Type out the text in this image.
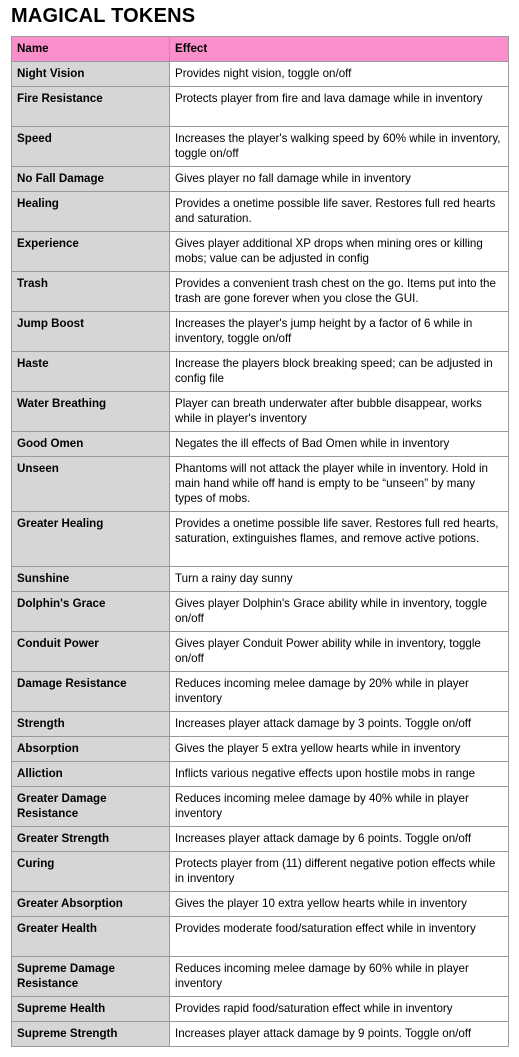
MAGICAL TOKENS
Name	Effect
Night Vision	Provides night vision, toggle on/off
Fire Resistance	Protects player from fire and lava damage while in inventory
Speed	Increases the player's walking speed by 60% while in inventory, toggle on/off
No Fall Damage	Gives player no fall damage while in inventory
Healing	Provides a onetime possible life saver. Restores full red hearts and saturation.
Experience	Gives player additional XP drops when mining ores or killing mobs; value can be adjusted in config
Trash	Provides a convenient trash chest on the go. Items put into the trash are gone forever when you close the GUI.
Jump Boost	Increases the player's jump height by a factor of 6 while in inventory, toggle on/off
Haste	Increase the players block breaking speed; can be adjusted in config file
Water Breathing	Player can breath underwater after bubble disappear, works while in player's inventory
Good Omen	Negates the ill effects of Bad Omen while in inventory
Unseen	Phantoms will not attack the player while in inventory. Hold in main hand while off hand is empty to be “unseen” by many types of mobs.
Greater Healing	Provides a onetime possible life saver. Restores full red hearts, saturation, extinguishes flames, and remove active potions.
Sunshine	Turn a rainy day sunny
Dolphin's Grace	Gives player Dolphin's Grace ability while in inventory, toggle on/off
Conduit Power	Gives player Conduit Power ability while in inventory, toggle on/off
Damage Resistance	Reduces incoming melee damage by 20% while in player inventory
Strength	Increases player attack damage by 3 points. Toggle on/off
Absorption	Gives the player 5 extra yellow hearts while in inventory
Alliction	Inflicts various negative effects upon hostile mobs in range
Greater Damage Resistance	Reduces incoming melee damage by 40% while in player inventory
Greater Strength	Increases player attack damage by 6 points. Toggle on/off
Curing	Protects player from (11) different negative potion effects while in inventory
Greater Absorption	Gives the player 10 extra yellow hearts while in inventory
Greater Health	Provides moderate food/saturation effect while in inventory
Supreme Damage Resistance	Reduces incoming melee damage by 60% while in player inventory
Supreme Health	Provides rapid food/saturation effect while in inventory
Supreme Strength	Increases player attack damage by 9 points. Toggle on/off
